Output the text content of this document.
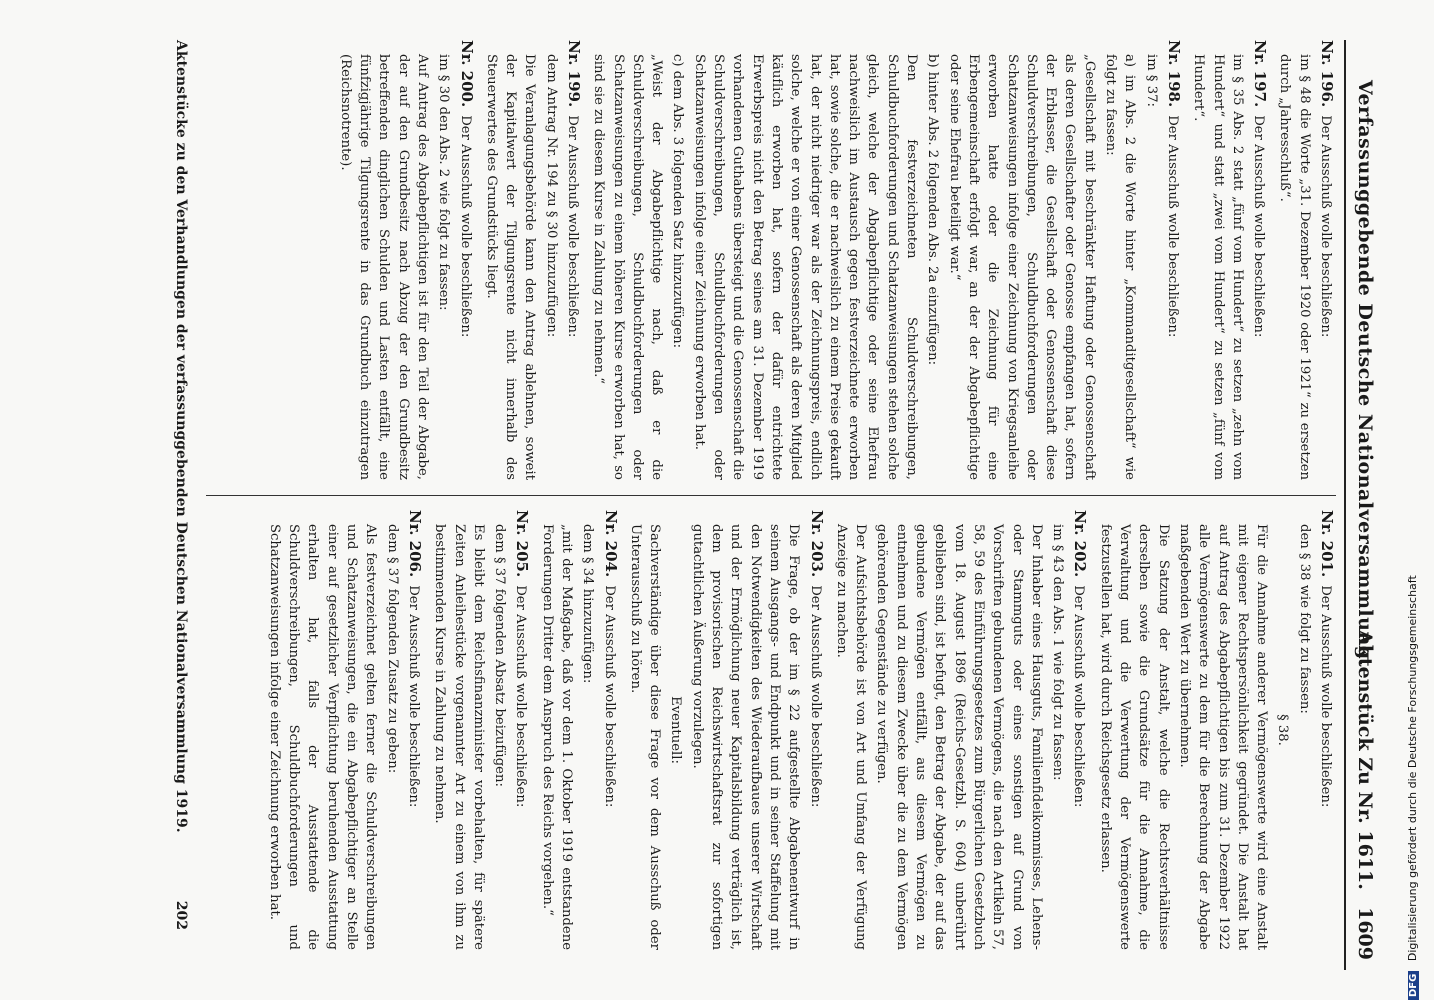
Verfassunggebende Deutsche Nationalversammlung.
Aktenstück Zu Nr. 1611.
1609

Nr. 196.Der Ausschuß wolle beschließen:

im § 48 die Worte „31. Dezember 1920 oder 1921“ zu ersetzen durch „Jahresschluß“.

Nr. 197.Der Ausschuß wolle beschließen:

im § 35 Abs. 2 statt „fünf vom Hundert“ zu setzen „zehn vom Hundert“ und statt „zwei vom Hundert“ zu setzen „fünf vom Hundert“.

Nr. 198.Der Ausschuß wolle beschließen:

im § 37:

a) im Abs. 2 die Worte hinter „Kommanditgesellschaft“ wie folgt zu fassen:

„Gesellschaft mit beschränkter Haftung oder Genossenschaft als deren Gesellschafter oder Genosse empfangen hat, sofern der Erblasser, die Gesellschaft oder Genossenschaft diese Schuldverschreibungen, Schuldbuchforderungen oder Schatzanweisungen infolge einer Zeichnung von Kriegsanleihe erworben hatte oder die Zeichnung für eine Erbengemeinschaft erfolgt war, an der der Abgabepflichtige oder seine Ehefrau beteiligt war.“

b) hinter Abs. 2 folgenden Abs. 2a einzufügen:

Den festverzeichneten Schuldverschreibungen, Schuldbuchforderungen und Schatzanweisungen stehen solche gleich, welche der Abgabepflichtige oder seine Ehefrau nachweislich im Austausch gegen festverzeichnete erworben hat, sowie solche, die er nachweislich zu einem Preise gekauft hat, der nicht niedriger war als der Zeichnungspreis, endlich solche, welche er von einer Genossenschaft als deren Mitglied käuflich erworben hat, sofern der dafür entrichtete Erwerbspreis nicht den Betrag seines am 31. Dezember 1919 vorhandenen Guthabens übersteigt und die Genossenschaft die Schuldverschreibungen, Schuldbuchforderungen oder Schatzanweisungen infolge einer Zeichnung erworben hat.

c) dem Abs. 3 folgenden Satz hinzuzufügen:

„Weist der Abgabepflichtige nach, daß er die Schuldverschreibungen, Schuldbuchforderungen oder Schatzanweisungen zu einem höheren Kurse erworben hat, so sind sie zu diesem Kurse in Zahlung zu nehmen.“

Nr. 199.Der Ausschuß wolle beschließen:

dem Antrag Nr. 194 zu § 30 hinzuzufügen:

Die Veranlagungsbehörde kann den Antrag ablehnen, soweit der Kapitalwert der Tilgungsrente nicht innerhalb des Steuerwertes des Grundstücks liegt.

Nr. 200.Der Ausschuß wolle beschließen:

im § 30 den Abs. 2 wie folgt zu fassen:

Auf Antrag des Abgabepflichtigen ist für den Teil der Abgabe, der auf den Grundbesitz nach Abzug der den Grundbesitz betreffenden dinglichen Schulden und Lasten entfällt, eine fünfzigjährige Tilgungsrente in das Grundbuch einzutragen (Reichsnotrente).

Nr. 201.Der Ausschuß wolle beschließen:

den § 38 wie folgt zu fassen:

§ 38.

Für die Annahme anderer Vermögenswerte wird eine Anstalt mit eigener Rechtspersönlichkeit gegründet. Die Anstalt hat auf Antrag des Abgabepflichtigen bis zum 31. Dezember 1922 alle Vermögenswerte zu dem für die Berechnung der Abgabe maßgebenden Wert zu übernehmen.

Die Satzung der Anstalt, welche die Rechtsverhältnisse derselben sowie die Grundsätze für die Annahme, die Verwaltung und die Verwertung der Vermögenswerte festzustellen hat, wird durch Reichsgesetz erlassen.

Nr. 202.Der Ausschuß wolle beschließen:

im § 43 den Abs. 1 wie folgt zu fassen:

Der Inhaber eines Hausguts, Familienfideikommisses, Lehens- oder Stammguts oder eines sonstigen auf Grund von Vorschriften gebundenen Vermögens, die nach den Artikeln 57, 58, 59 des Einführungsgesetzes zum Bürgerlichen Gesetzbuch vom 18. August 1896 (Reichs-Gesetzbl. S. 604) unberührt geblieben sind, ist befugt, den Betrag der Abgabe, der auf das gebundene Vermögen entfällt, aus diesem Vermögen zu entnehmen und zu diesem Zwecke über die zu dem Vermögen gehörenden Gegenstände zu verfügen.

Der Aufsichtsbehörde ist von Art und Umfang der Verfügung Anzeige zu machen.

Nr. 203.Der Ausschuß wolle beschließen:

Die Frage, ob der im § 22 aufgestellte Abgabenentwurf in seinem Ausgangs- und Endpunkt und in seiner Staffelung mit den Notwendigkeiten des Wiederaufbaues unserer Wirtschaft und der Ermöglichung neuer Kapitalsbildung verträglich ist, dem provisorischen Reichswirtschaftsrat zur sofortigen gutachtlichen Äußerung vorzulegen.

Eventuell:

Sachverständige über diese Frage vor dem Ausschuß oder Unterausschuß zu hören.

Nr. 204.Der Ausschuß wolle beschließen:

dem § 34 hinzuzufügen:

„mit der Maßgabe, daß vor dem 1. Oktober 1919 entstandene Forderungen Dritter dem Anspruch des Reichs vorgehen.“

Nr. 205.Der Ausschuß wolle beschließen:

dem § 37 folgenden Absatz beizufügen:

Es bleibt dem Reichsfinanzminister vorbehalten, für spätere Zeiten Anleihestücke vorgenannter Art zu einem von ihm zu bestimmenden Kurse in Zahlung zu nehmen.

Nr. 206.Der Ausschuß wolle beschließen:

dem § 37 folgenden Zusatz zu geben:

Als festverzeichnet gelten ferner die Schuldverschreibungen und Schatzanweisungen, die ein Abgabepflichtiger an Stelle einer auf gesetzlicher Verpflichtung beruhenden Ausstattung erhalten hat, falls der Ausstattende die Schuldverschreibungen, Schuldbuchforderungen und Schatzanweisungen infolge einer Zeichnung erworben hat.

Aktenstücke zu den Verhandlungen der verfassunggebenden Deutschen Nationalversammlung 1919.
202
DFG Digitalisierung gefördert durch die Deutsche Forschungsgemeinschaft
